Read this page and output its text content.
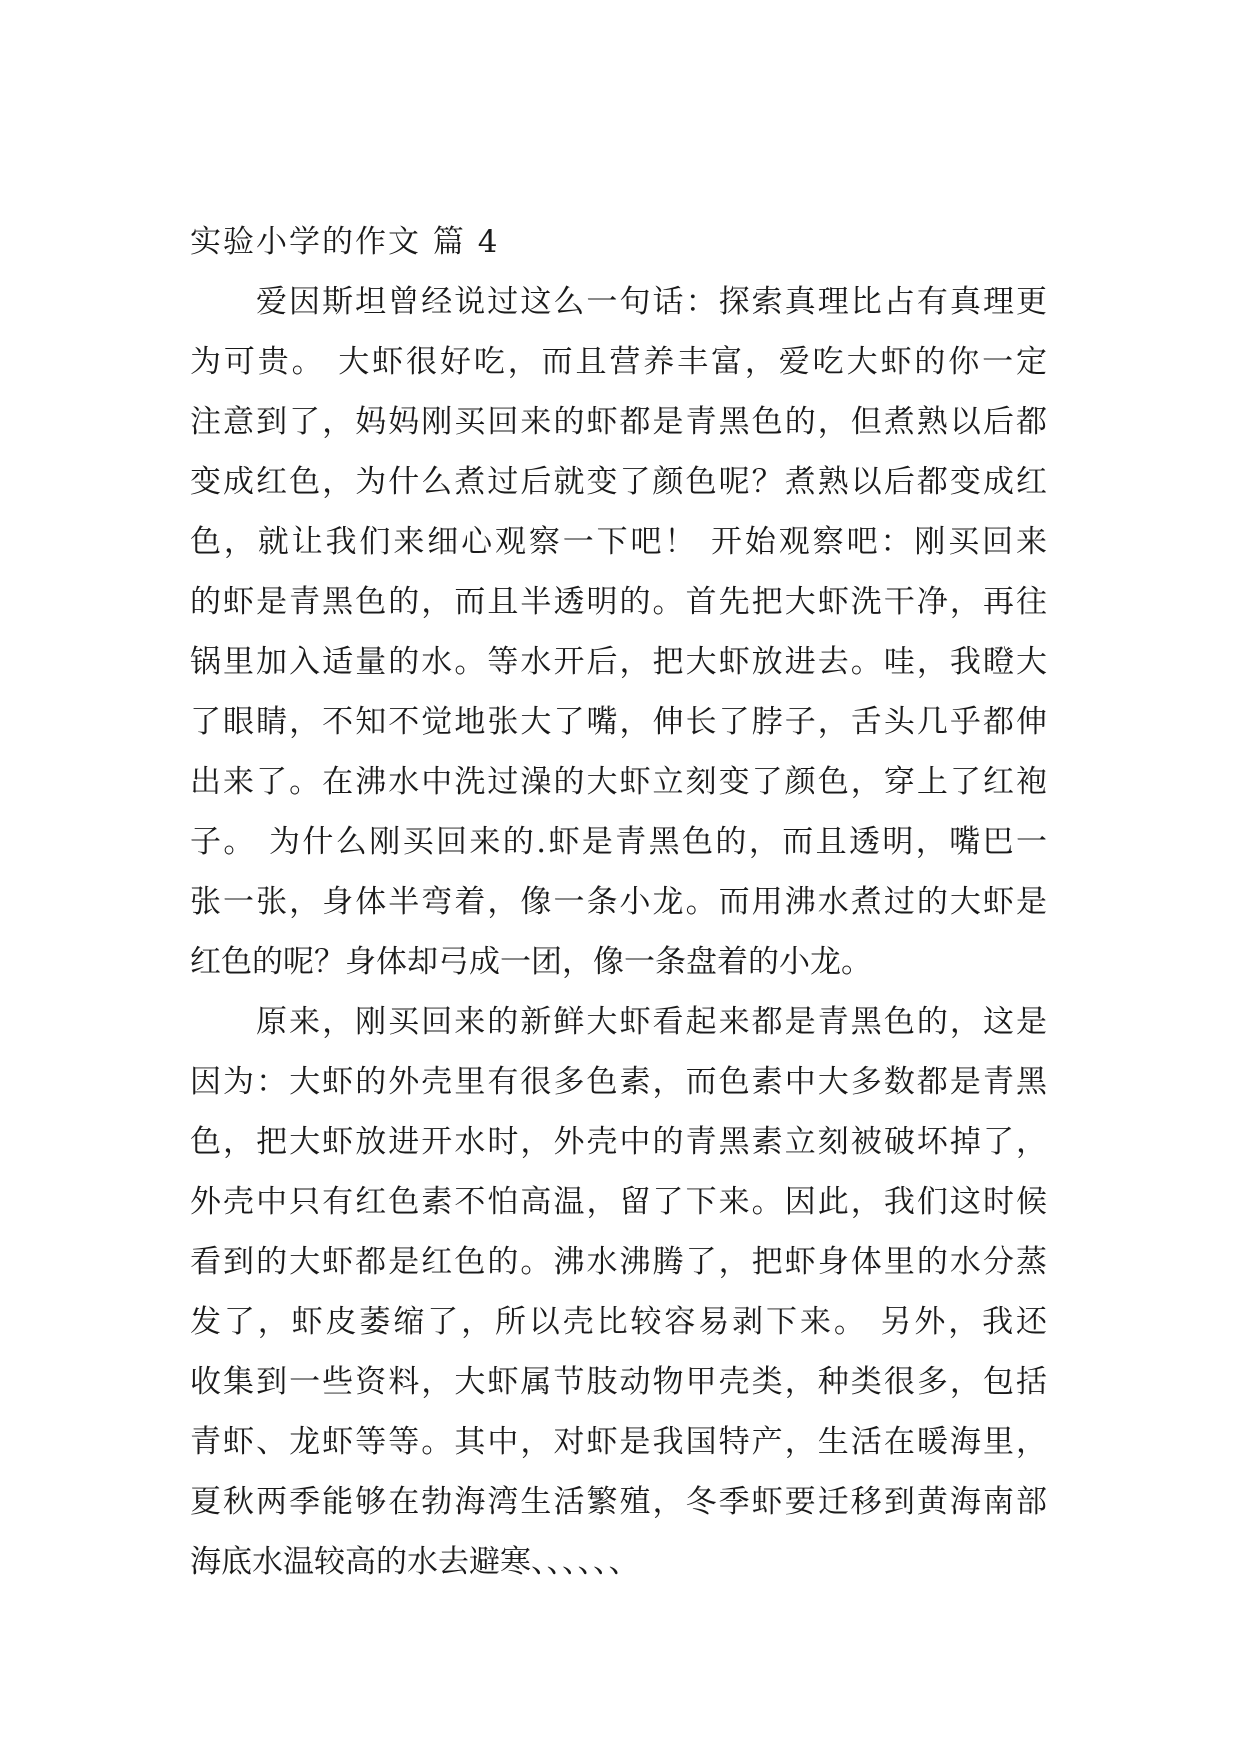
实验小学的作文 篇 4
爱因斯坦曾经说过这么一句话：探索真理比占有真理更
为可贵。 大虾很好吃，而且营养丰富，爱吃大虾的你一定
注意到了，妈妈刚买回来的虾都是青黑色的，但煮熟以后都
变成红色，为什么煮过后就变了颜色呢？煮熟以后都变成红
色，就让我们来细心观察一下吧！ 开始观察吧：刚买回来
的虾是青黑色的，而且半透明的。首先把大虾洗干净，再往
锅里加入适量的水。等水开后，把大虾放进去。哇，我瞪大
了眼睛，不知不觉地张大了嘴，伸长了脖子，舌头几乎都伸
出来了。在沸水中洗过澡的大虾立刻变了颜色，穿上了红袍
子。 为什么刚买回来的.虾是青黑色的，而且透明，嘴巴一
张一张，身体半弯着，像一条小龙。而用沸水煮过的大虾是
红色的呢？身体却弓成一团，像一条盘着的小龙。
原来，刚买回来的新鲜大虾看起来都是青黑色的，这是
因为：大虾的外壳里有很多色素，而色素中大多数都是青黑
色，把大虾放进开水时，外壳中的青黑素立刻被破坏掉了，
外壳中只有红色素不怕高温，留了下来。因此，我们这时候
看到的大虾都是红色的。沸水沸腾了，把虾身体里的水分蒸
发了，虾皮萎缩了，所以壳比较容易剥下来。 另外，我还
收集到一些资料，大虾属节肢动物甲壳类，种类很多，包括
青虾、龙虾等等。其中，对虾是我国特产，生活在暖海里，
夏秋两季能够在勃海湾生活繁殖，冬季虾要迁移到黄海南部
海底水温较高的水去避寒、、、、、、
